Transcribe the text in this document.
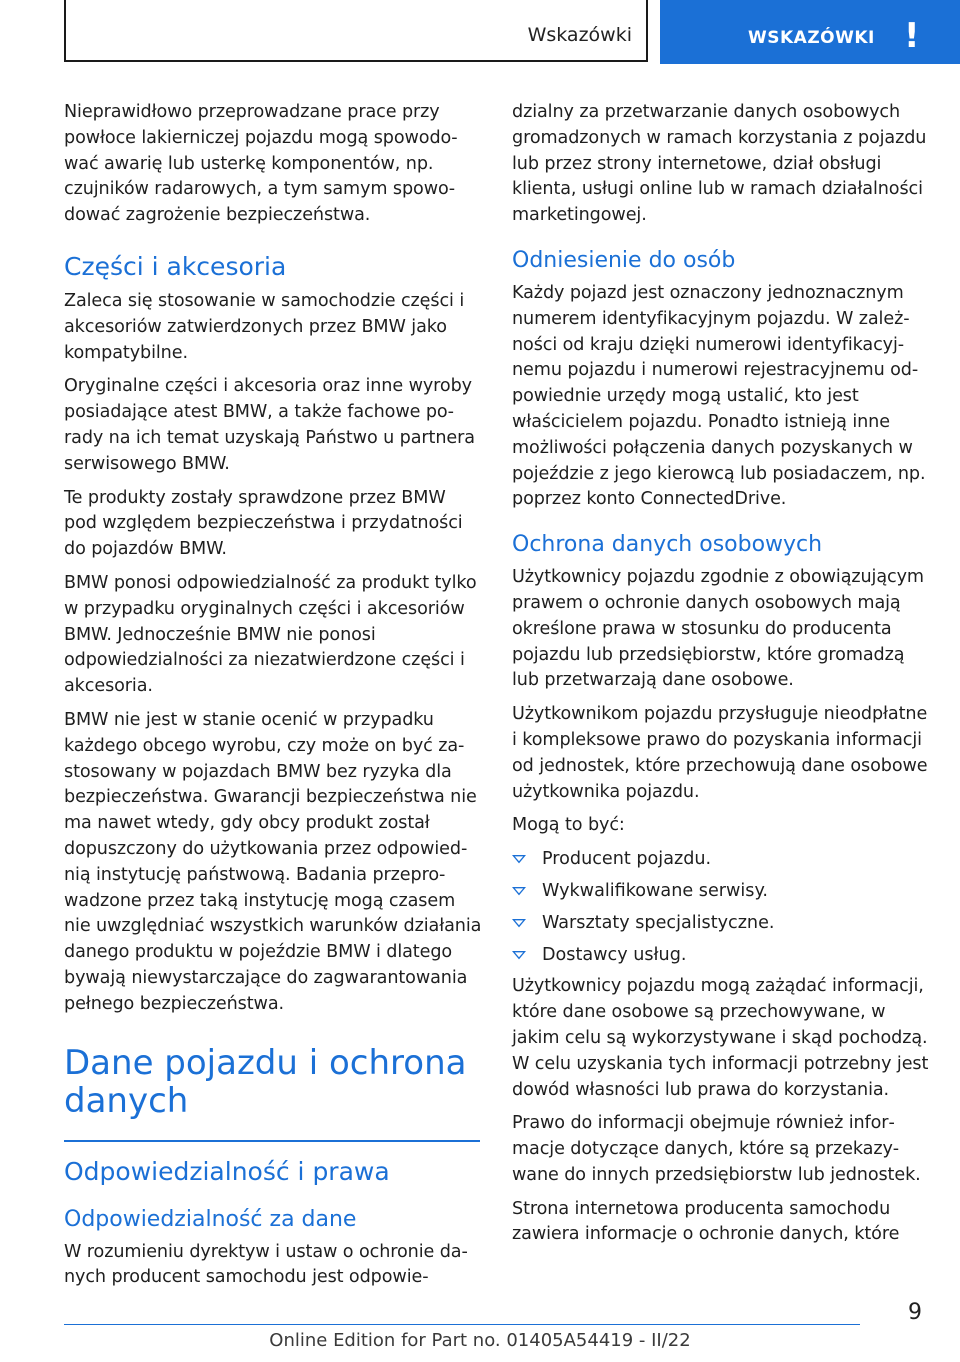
Wskazówki	WSKAZÓWKI !

Nieprawidłowo przeprowadzane prace przy powłoce lakierniczej pojazdu mogą spowodować awarię lub usterkę komponentów, np. czujników radarowych, a tym samym spowodować zagrożenie bezpieczeństwa.

Części i akcesoria

Zaleca się stosowanie w samochodzie części i akcesoriów zatwierdzonych przez BMW jako kompatybilne.

Oryginalne części i akcesoria oraz inne wyroby posiadające atest BMW, a także fachowe porady na ich temat uzyskają Państwo u partnera serwisowego BMW.

Te produkty zostały sprawdzone przez BMW pod względem bezpieczeństwa i przydatności do pojazdów BMW.

BMW ponosi odpowiedzialność za produkt tylko w przypadku oryginalnych części i akcesoriów BMW. Jednocześnie BMW nie ponosi odpowiedzialności za niezatwierdzone części i akcesoria.

BMW nie jest w stanie ocenić w przypadku każdego obcego wyrobu, czy może on być zastosowany w pojazdach BMW bez ryzyka dla bezpieczeństwa. Gwarancji bezpieczeństwa nie ma nawet wtedy, gdy obcy produkt został dopuszczony do użytkowania przez odpowiednią instytucję państwową. Badania przeprowadzone przez taką instytucję mogą czasem nie uwzględniać wszystkich warunków działania danego produktu w pojeździe BMW i dlatego bywają niewystarczające do zagwarantowania pełnego bezpieczeństwa.

Dane pojazdu i ochrona danych
Odpowiedzialność i prawa
Odpowiedzialność za dane

W rozumieniu dyrektyw i ustaw o ochronie danych producent samochodu jest odpowie-

dzialny za przetwarzanie danych osobowych gromadzonych w ramach korzystania z pojazdu lub przez strony internetowe, dział obsługi klienta, usługi online lub w ramach działalności marketingowej.

Odniesienie do osób

Każdy pojazd jest oznaczony jednoznacznym numerem identyfikacyjnym pojazdu. W zależności od kraju dzięki numerowi identyfikacyjnemu pojazdu i numerowi rejestracyjnemu odpowiednie urzędy mogą ustalić, kto jest właścicielem pojazdu. Ponadto istnieją inne możliwości połączenia danych pozyskanych w pojeździe z jego kierowcą lub posiadaczem, np. poprzez konto ConnectedDrive.

Ochrona danych osobowych

Użytkownicy pojazdu zgodnie z obowiązującym prawem o ochronie danych osobowych mają określone prawa w stosunku do producenta pojazdu lub przedsiębiorstw, które gromadzą lub przetwarzają dane osobowe.

Użytkownikom pojazdu przysługuje nieodpłatne i kompleksowe prawo do pozyskania informacji od jednostek, które przechowują dane osobowe użytkownika pojazdu.

Mogą to być:

Producent pojazdu.
Wykwalifikowane serwisy.
Warsztaty specjalistyczne.
Dostawcy usług.

Użytkownicy pojazdu mogą zażądać informacji, które dane osobowe są przechowywane, w jakim celu są wykorzystywane i skąd pochodzą. W celu uzyskania tych informacji potrzebny jest dowód własności lub prawa do korzystania.

Prawo do informacji obejmuje również informacje dotyczące danych, które są przekazywane do innych przedsiębiorstw lub jednostek.

Strona internetowa producenta samochodu zawiera informacje o ochronie danych, które

9
Online Edition for Part no. 01405A54419 - II/22
